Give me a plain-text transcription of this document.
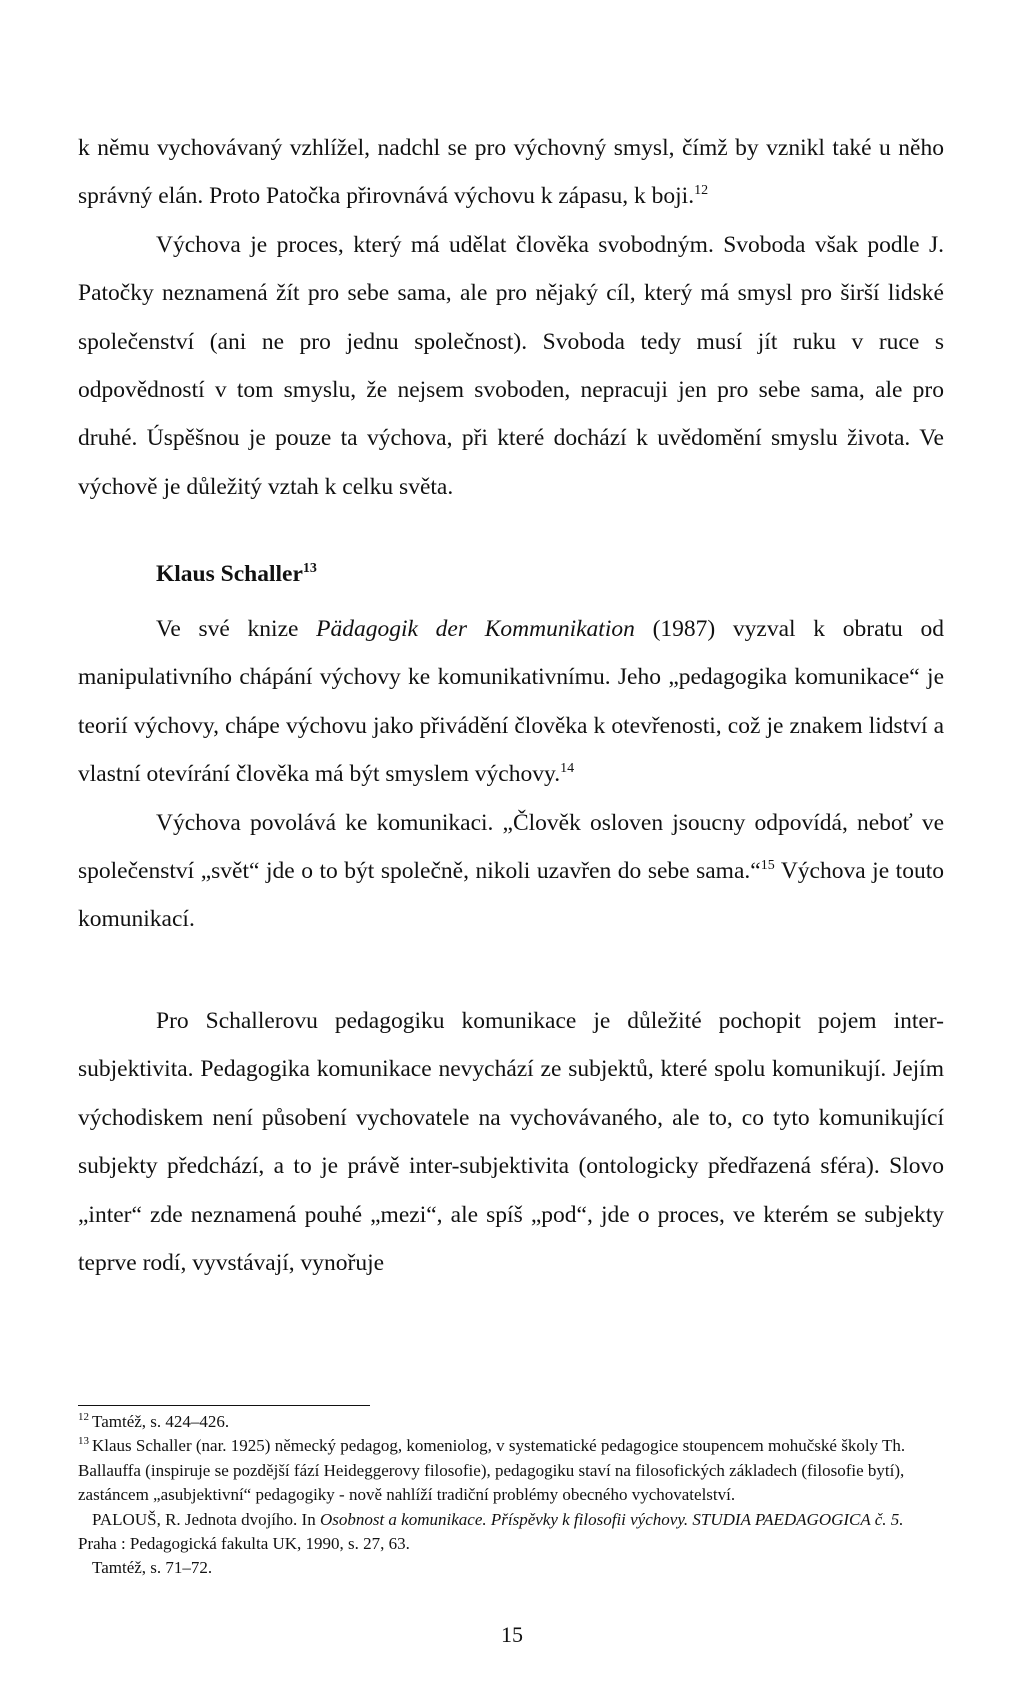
k němu vychovávaný vzhlížel, nadchl se pro výchovný smysl, čímž by vznikl také u něho správný elán. Proto Patočka přirovnává výchovu k zápasu, k boji.$^{12}$
Výchova je proces, který má udělat člověka svobodným. Svoboda však podle J. Patočky neznamená žít pro sebe sama, ale pro nějaký cíl, který má smysl pro širší lidské společenství (ani ne pro jednu společnost). Svoboda tedy musí jít ruku v ruce s odpovědností v tom smyslu, že nejsem svoboden, nepracuji jen pro sebe sama, ale pro druhé. Úspěšnou je pouze ta výchova, při které dochází k uvědomění smyslu života. Ve výchově je důležitý vztah k celku světa.

Klaus Schaller$^{13}$

Ve své knize Pädagogik der Kommunikation (1987) vyzval k obratu od manipulativního chápání výchovy ke komunikativnímu. Jeho „pedagogika komunikace“ je teorií výchovy, chápe výchovu jako přivádění člověka k otevřenosti, což je znakem lidství a vlastní otevírání člověka má být smyslem výchovy.$^{14}$
Výchova povolává ke komunikaci. „Člověk osloven jsoucny odpovídá, neboť ve společenství „svět“ jde o to být společně, nikoli uzavřen do sebe sama.“$^{15}$ Výchova je touto komunikací.

Pro Schallerovu pedagogiku komunikace je důležité pochopit pojem inter-subjektivita. Pedagogika komunikace nevychází ze subjektů, které spolu komunikují. Jejím východiskem není působení vychovatele na vychovávaného, ale to, co tyto komunikující subjekty předchází, a to je právě inter-subjektivita (ontologicky předřazená sféra). Slovo „inter“ zde neznamená pouhé „mezi“, ale spíš „pod“, jde o proces, ve kterém se subjekty teprve rodí, vyvstávají, vynořuje

12 Tamtéž, s. 424–426.
13 Klaus Schaller (nar. 1925) německý pedagog, komeniolog, v systematické pedagogice stoupencem mohučské školy Th. Ballauffa (inspiruje se pozdější fází Heideggerovy filosofie), pedagogiku staví na filosofických základech (filosofie bytí), zastáncem „asubjektivní“ pedagogiky - nově nahlíží tradiční problémy obecného vychovatelství.
PALOUŠ, R. Jednota dvojího. In Osobnost a komunikace. Příspěvky k filosofii výchovy. STUDIA PAEDAGOGICA č. 5. Praha : Pedagogická fakulta UK, 1990, s. 27, 63.
Tamtéž, s. 71–72.
15
